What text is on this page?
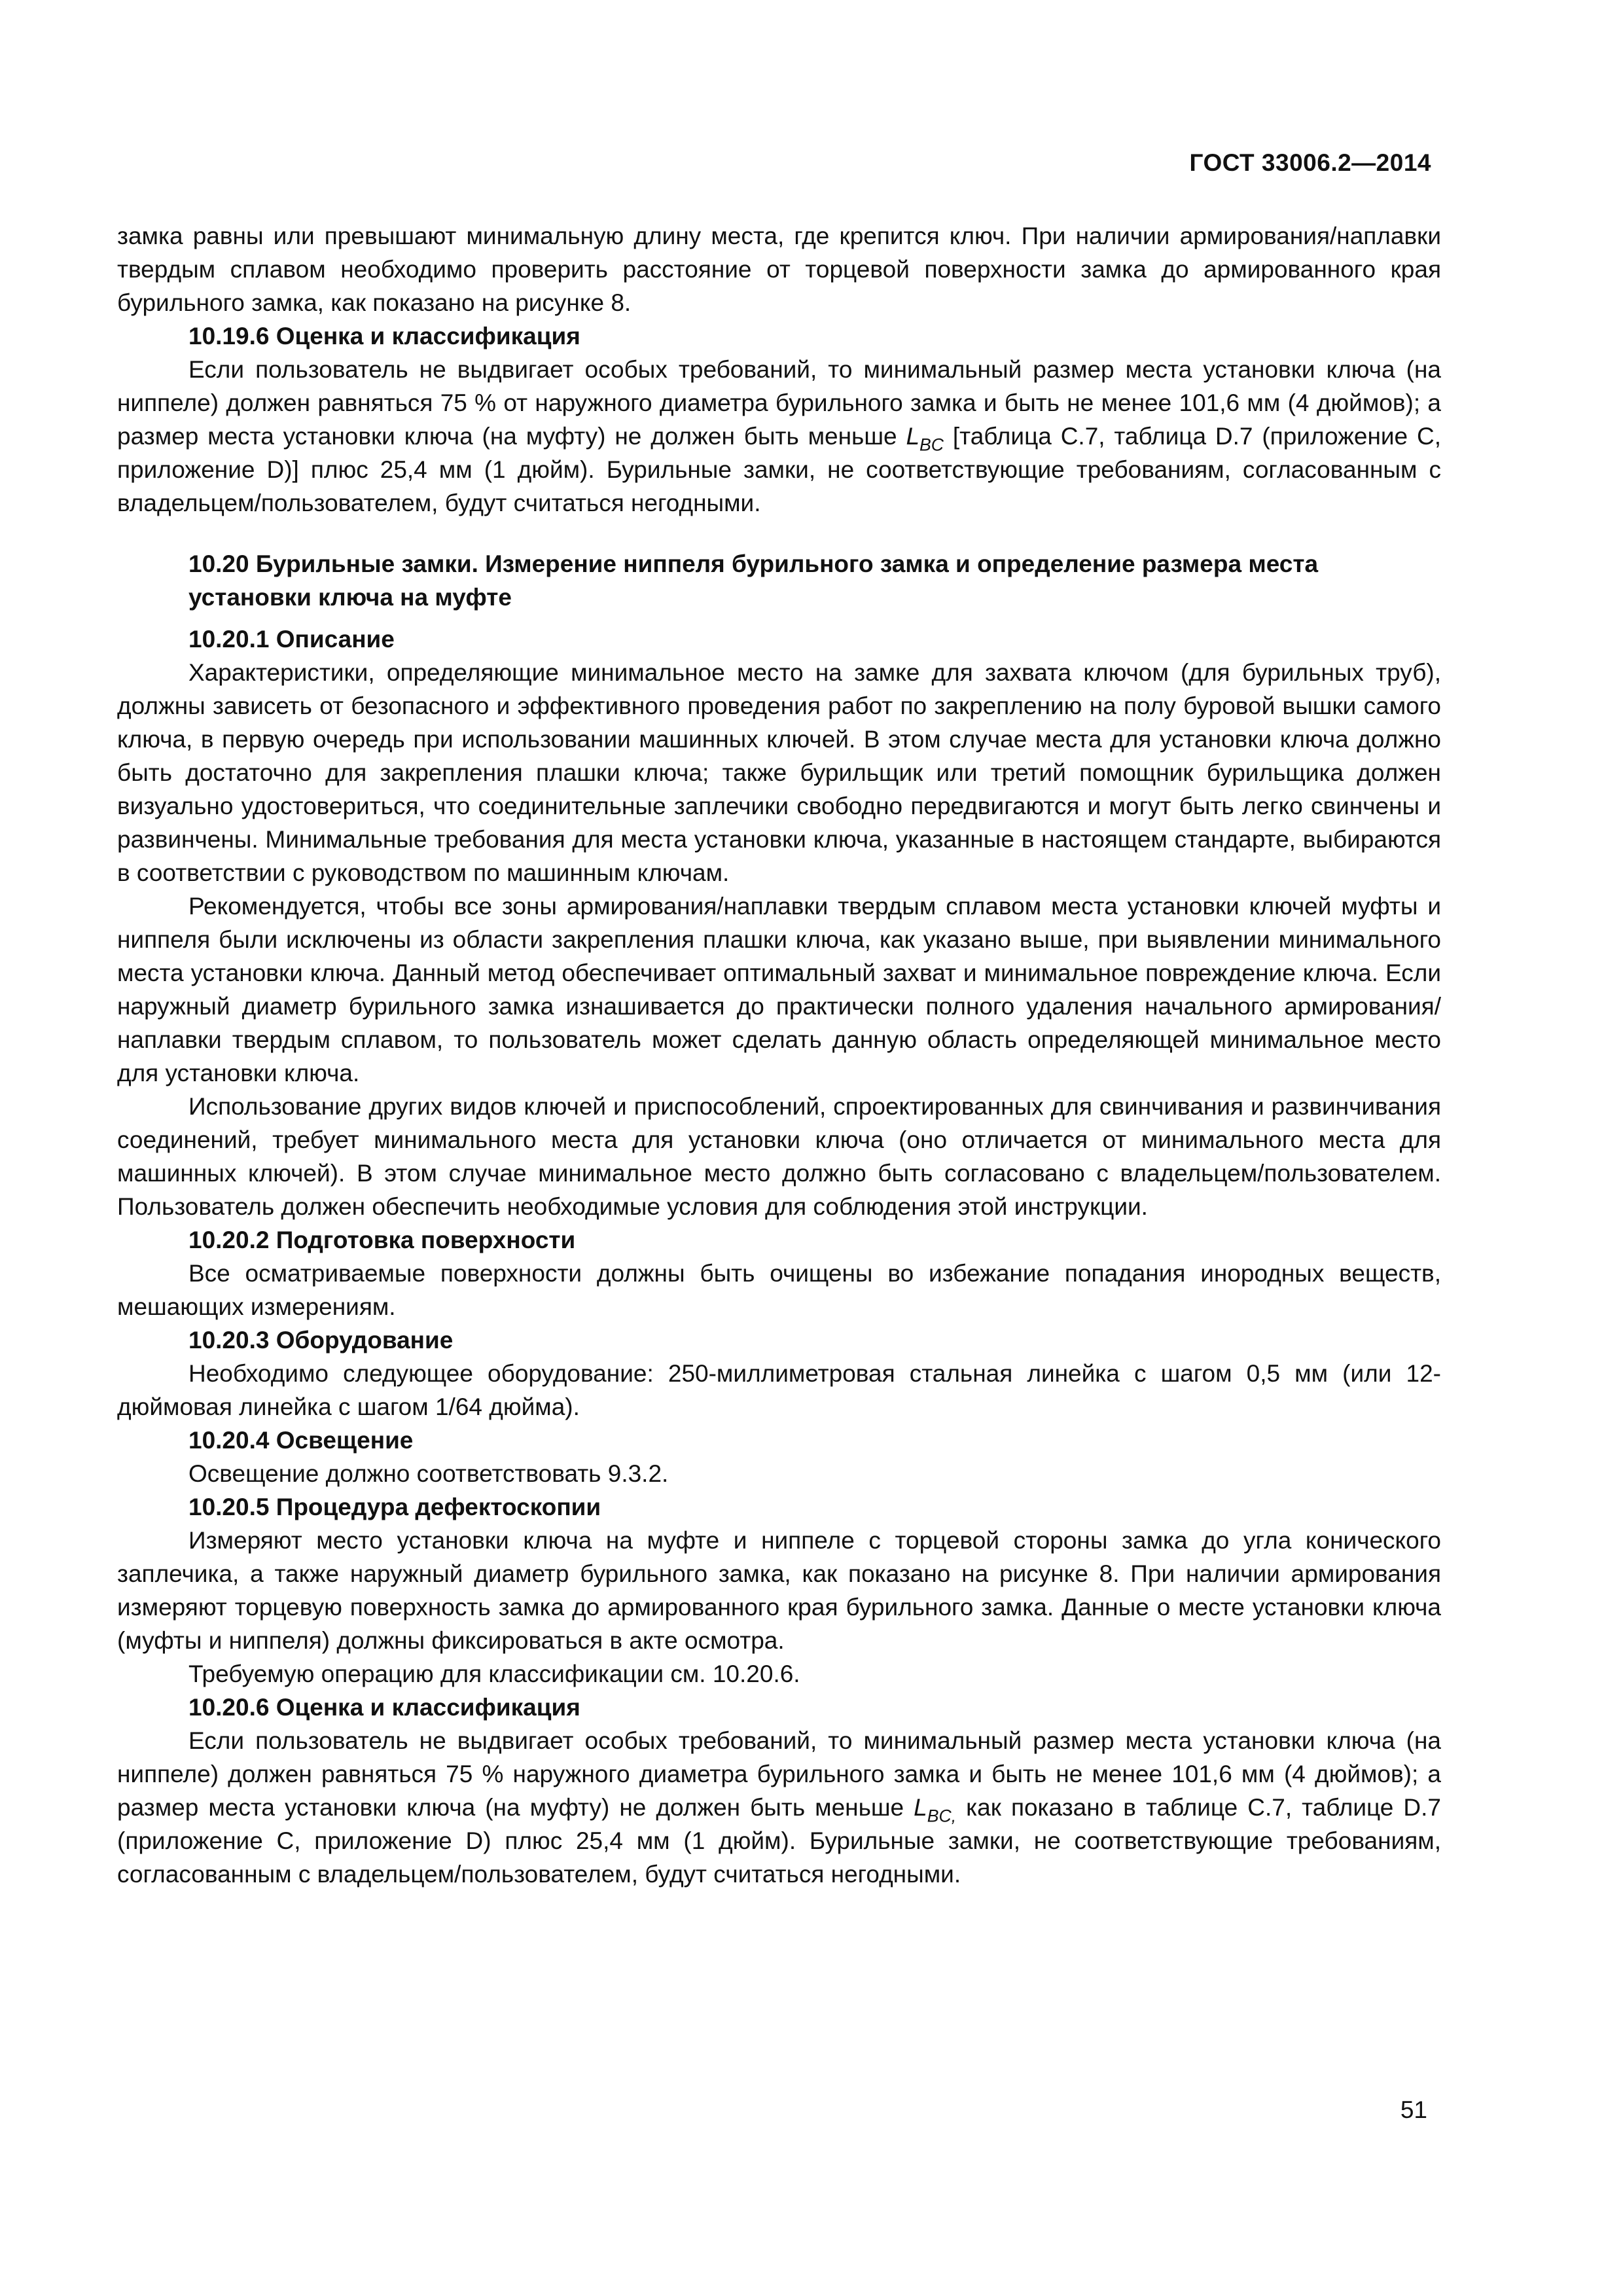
ГОСТ 33006.2—2014

замка равны или превышают минимальную длину места, где крепится ключ. При наличии армирования/наплавки твердым сплавом необходимо проверить расстояние от торцевой поверхности замка до армированного края бурильного замка, как показано на рисунке 8.

10.19.6 Оценка и классификация

Если пользователь не выдвигает особых требований, то минимальный размер места установки ключа (на ниппеле) должен равняться 75 % от наружного диаметра бурильного замка и быть не менее 101,6 мм (4 дюймов); а размер места установки ключа (на муфту) не должен быть меньше $L_{BC}$ [таблица С.7, таблица D.7 (приложение С, приложение D)] плюс 25,4 мм (1 дюйм). Бурильные замки, не соответствующие требованиям, согласованным с владельцем/пользователем, будут считаться негодными.

10.20 Бурильные замки. Измерение ниппеля бурильного замка и определение размера места установки ключа на муфте

10.20.1 Описание

Характеристики, определяющие минимальное место на замке для захвата ключом (для бурильных труб), должны зависеть от безопасного и эффективного проведения работ по закреплению на полу буровой вышки самого ключа, в первую очередь при использовании машинных ключей. В этом случае места для установки ключа должно быть достаточно для закрепления плашки ключа; также бурильщик или третий помощник бурильщика должен визуально удостовериться, что соединительные заплечики свободно передвигаются и могут быть легко свинчены и развинчены. Минимальные требования для места установки ключа, указанные в настоящем стандарте, выбираются в соответствии с руководством по машинным ключам.

Рекомендуется, чтобы все зоны армирования/наплавки твердым сплавом места установки ключей муфты и ниппеля были исключены из области закрепления плашки ключа, как указано выше, при выявлении минимального места установки ключа. Данный метод обеспечивает оптимальный захват и минимальное повреждение ключа. Если наружный диаметр бурильного замка изнашивается до практически полного удаления начального армирования/наплавки твердым сплавом, то пользователь может сделать данную область определяющей минимальное место для установки ключа.

Использование других видов ключей и приспособлений, спроектированных для свинчивания и развинчивания соединений, требует минимального места для установки ключа (оно отличается от минимального места для машинных ключей). В этом случае минимальное место должно быть согласовано с владельцем/пользователем. Пользователь должен обеспечить необходимые условия для соблюдения этой инструкции.

10.20.2 Подготовка поверхности

Все осматриваемые поверхности должны быть очищены во избежание попадания инородных веществ, мешающих измерениям.

10.20.3 Оборудование

Необходимо следующее оборудование: 250-миллиметровая стальная линейка с шагом 0,5 мм (или 12-дюймовая линейка с шагом 1/64 дюйма).

10.20.4 Освещение

Освещение должно соответствовать 9.3.2.

10.20.5 Процедура дефектоскопии

Измеряют место установки ключа на муфте и ниппеле с торцевой стороны замка до угла конического заплечика, а также наружный диаметр бурильного замка, как показано на рисунке 8. При наличии армирования измеряют торцевую поверхность замка до армированного края бурильного замка. Данные о месте установки ключа (муфты и ниппеля) должны фиксироваться в акте осмотра.

Требуемую операцию для классификации см. 10.20.6.

10.20.6 Оценка и классификация

Если пользователь не выдвигает особых требований, то минимальный размер места установки ключа (на ниппеле) должен равняться 75 % наружного диаметра бурильного замка и быть не менее 101,6 мм (4 дюймов); а размер места установки ключа (на муфту) не должен быть меньше $L_{BC,}$ как показано в таблице С.7, таблице D.7 (приложение С, приложение D) плюс 25,4 мм (1 дюйм). Бурильные замки, не соответствующие требованиям, согласованным с владельцем/пользователем, будут считаться негодными.

51
